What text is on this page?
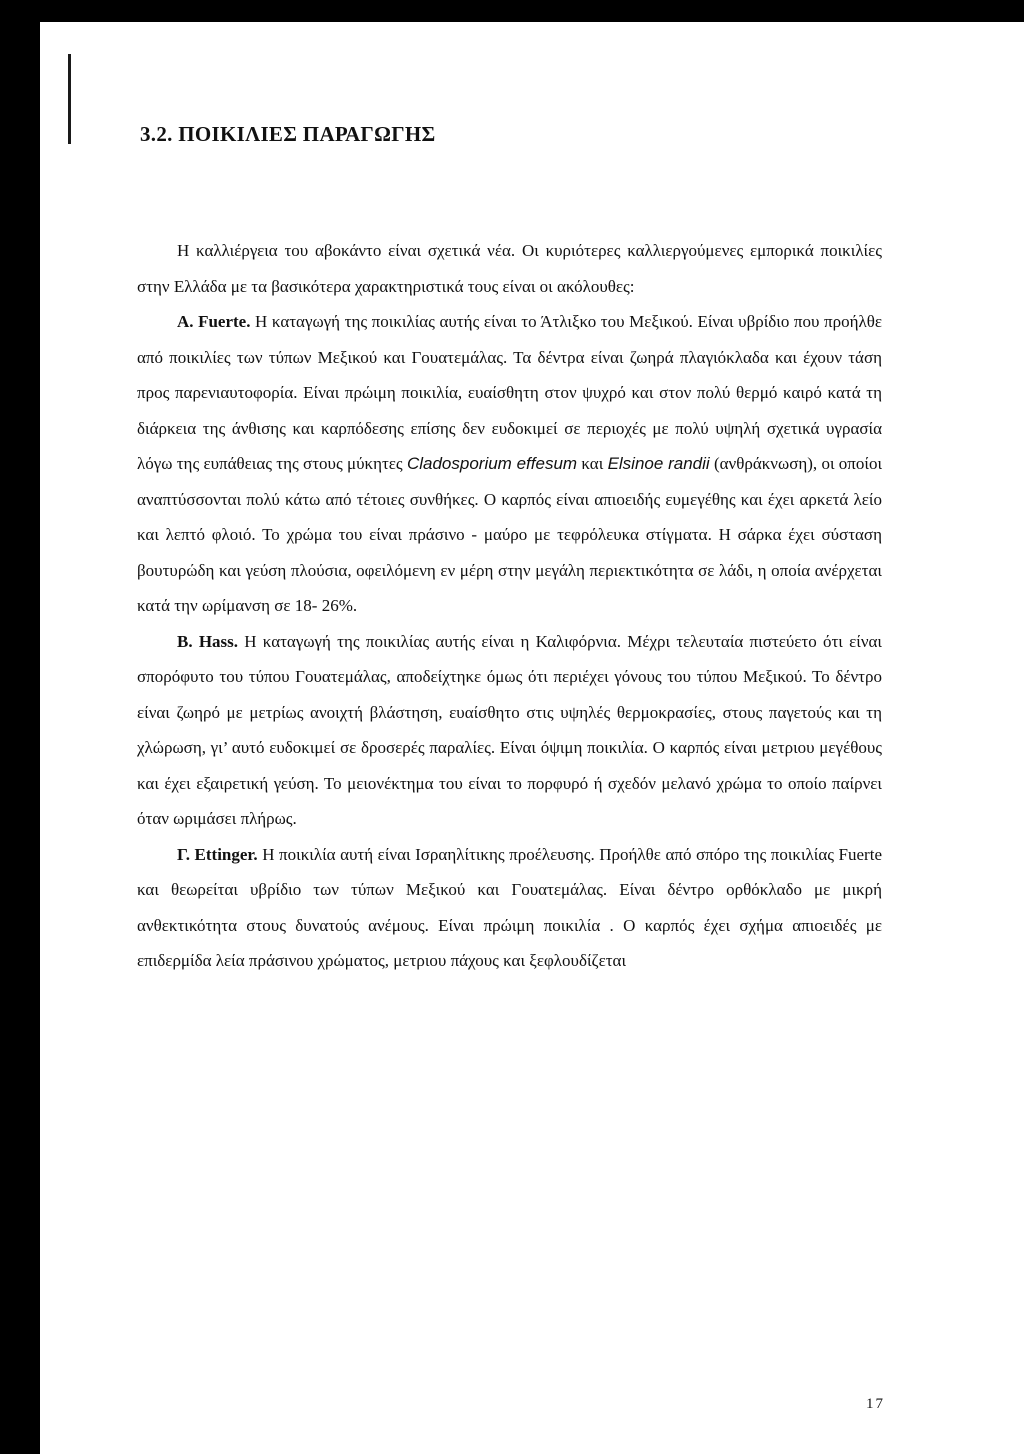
3.2. ΠΟΙΚΙΛΙΕΣ ΠΑΡΑΓΩΓΗΣ

Η καλλιέργεια του αβοκάντο είναι σχετικά νέα. Οι κυριότερες καλλιεργούμενες εμπορικά ποικιλίες στην Ελλάδα με τα βασικότερα χαρακτηριστικά τους είναι οι ακόλουθες:

Α. Fuerte. Η καταγωγή της ποικιλίας αυτής είναι το Άτλιξκο του Μεξικού. Είναι υβρίδιο που προήλθε από ποικιλίες των τύπων Μεξικού και Γουατεμάλας. Τα δέντρα είναι ζωηρά πλαγιόκλαδα και έχουν τάση προς παρενιαυτοφορία. Είναι πρώιμη ποικιλία, ευαίσθητη στον ψυχρό και στον πολύ θερμό καιρό κατά τη διάρκεια της άνθισης και καρπόδεσης επίσης δεν ευδοκιμεί σε περιοχές με πολύ υψηλή σχετικά υγρασία λόγω της ευπάθειας της στους μύκητες Cladosporium effesum και Elsinoe randii (ανθράκνωση), οι οποίοι αναπτύσσονται πολύ κάτω από τέτοιες συνθήκες. Ο καρπός είναι απιοειδής ευμεγέθης και έχει αρκετά λείο και λεπτό φλοιό. Το χρώμα του είναι πράσινο - μαύρο με τεφρόλευκα στίγματα. Η σάρκα έχει σύσταση βουτυρώδη και γεύση πλούσια, οφειλόμενη εν μέρη στην μεγάλη περιεκτικότητα σε λάδι, η οποία ανέρχεται κατά την ωρίμανση σε 18- 26%.

Β. Hass. Η καταγωγή της ποικιλίας αυτής είναι η Καλιφόρνια. Μέχρι τελευταία πιστεύετο ότι είναι σπορόφυτο του τύπου Γουατεμάλας, αποδείχτηκε όμως ότι περιέχει γόνους του τύπου Μεξικού. Το δέντρο είναι ζωηρό με μετρίως ανοιχτή βλάστηση, ευαίσθητο στις υψηλές θερμοκρασίες, στους παγετούς και τη χλώρωση, γι’ αυτό ευδοκιμεί σε δροσερές παραλίες. Είναι όψιμη ποικιλία. Ο καρπός είναι μετριου μεγέθους και έχει εξαιρετική γεύση. Το μειονέκτημα του είναι το πορφυρό ή σχεδόν μελανό χρώμα το οποίο παίρνει όταν ωριμάσει πλήρως.

Γ. Ettinger. Η ποικιλία αυτή είναι Ισραηλίτικης προέλευσης. Προήλθε από σπόρο της ποικιλίας Fuerte και θεωρείται υβρίδιο των τύπων Μεξικού και Γουατεμάλας. Είναι δέντρο ορθόκλαδο με μικρή ανθεκτικότητα στους δυνατούς ανέμους. Είναι πρώιμη ποικιλία . Ο καρπός έχει σχήμα απιοειδές με επιδερμίδα λεία πράσινου χρώματος, μετριου πάχους και ξεφλουδίζεται

17
